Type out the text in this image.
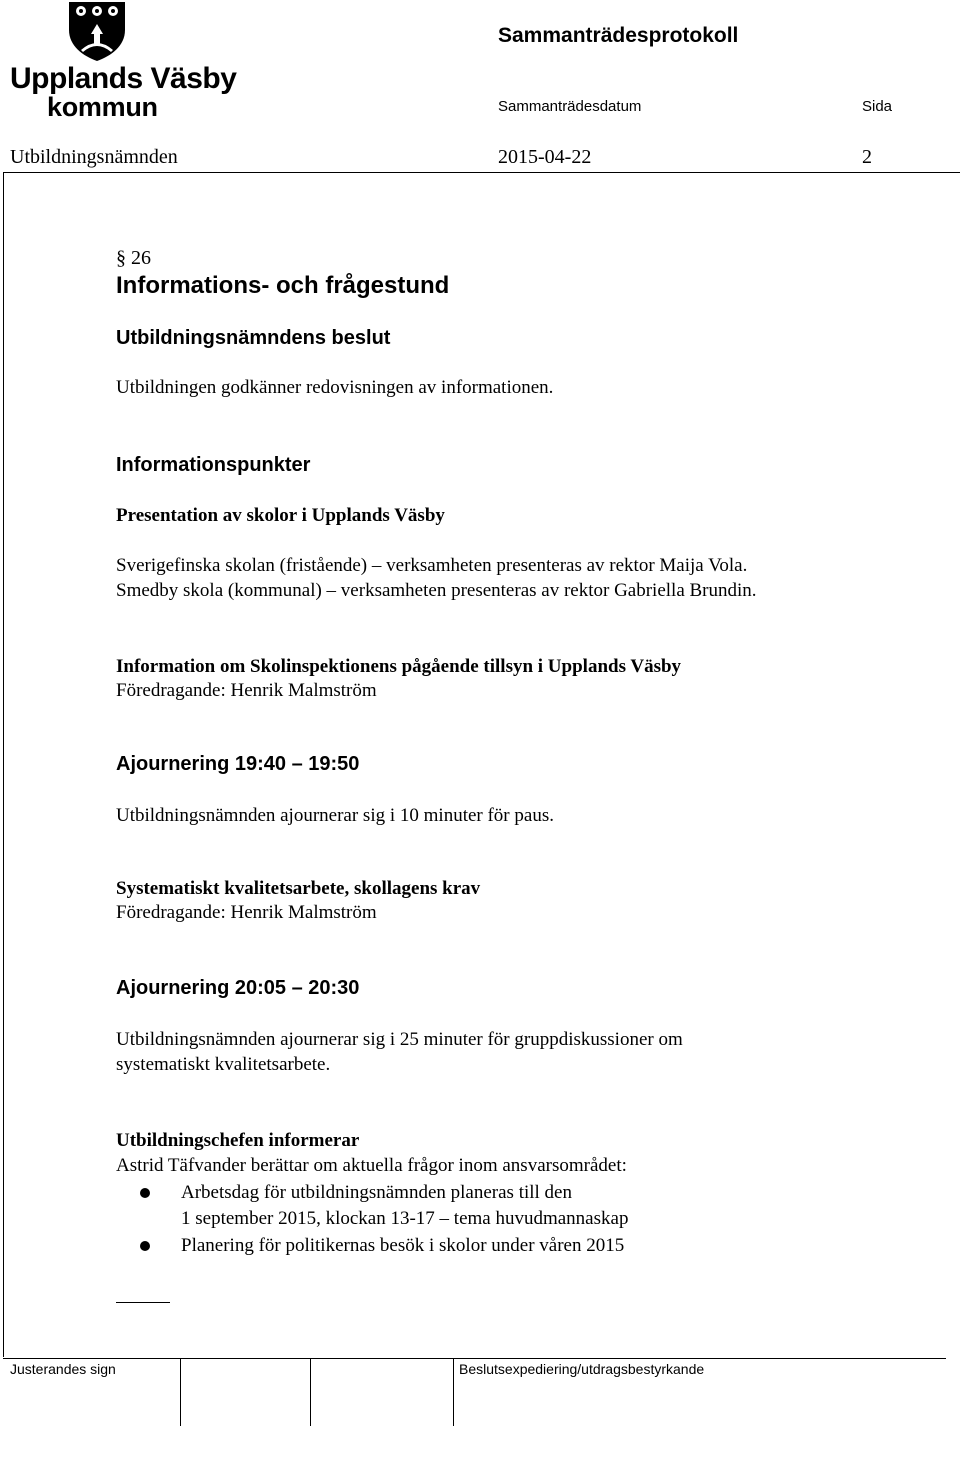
Upplands Väsby
kommun
Sammanträdesprotokoll
Sammanträdesdatum	Sida
Utbildningsnämnden	2015-04-22	2
§ 26
Informations- och frågestund
Utbildningsnämndens beslut
Utbildningen godkänner redovisningen av informationen.
Informationspunkter
Presentation av skolor i Upplands Väsby
Sverigefinska skolan (fristående) – verksamheten presenteras av rektor Maija Vola.
Smedby skola (kommunal) – verksamheten presenteras av rektor Gabriella Brundin.
Information om Skolinspektionens pågående tillsyn i Upplands Väsby
Föredragande: Henrik Malmström
Ajournering 19:40 – 19:50
Utbildningsnämnden ajournerar sig i 10 minuter för paus.
Systematiskt kvalitetsarbete, skollagens krav
Föredragande: Henrik Malmström
Ajournering 20:05 – 20:30
Utbildningsnämnden ajournerar sig i 25 minuter för gruppdiskussioner om
systematiskt kvalitetsarbete.
Utbildningschefen informerar
Astrid Täfvander berättar om aktuella frågor inom ansvarsområdet:
Arbetsdag för utbildningsnämnden planeras till den
1 september 2015, klockan 13-17 – tema huvudmannaskap
Planering för politikernas besök i skolor under våren 2015
Justerandes sign	Beslutsexpediering/utdragsbestyrkande
